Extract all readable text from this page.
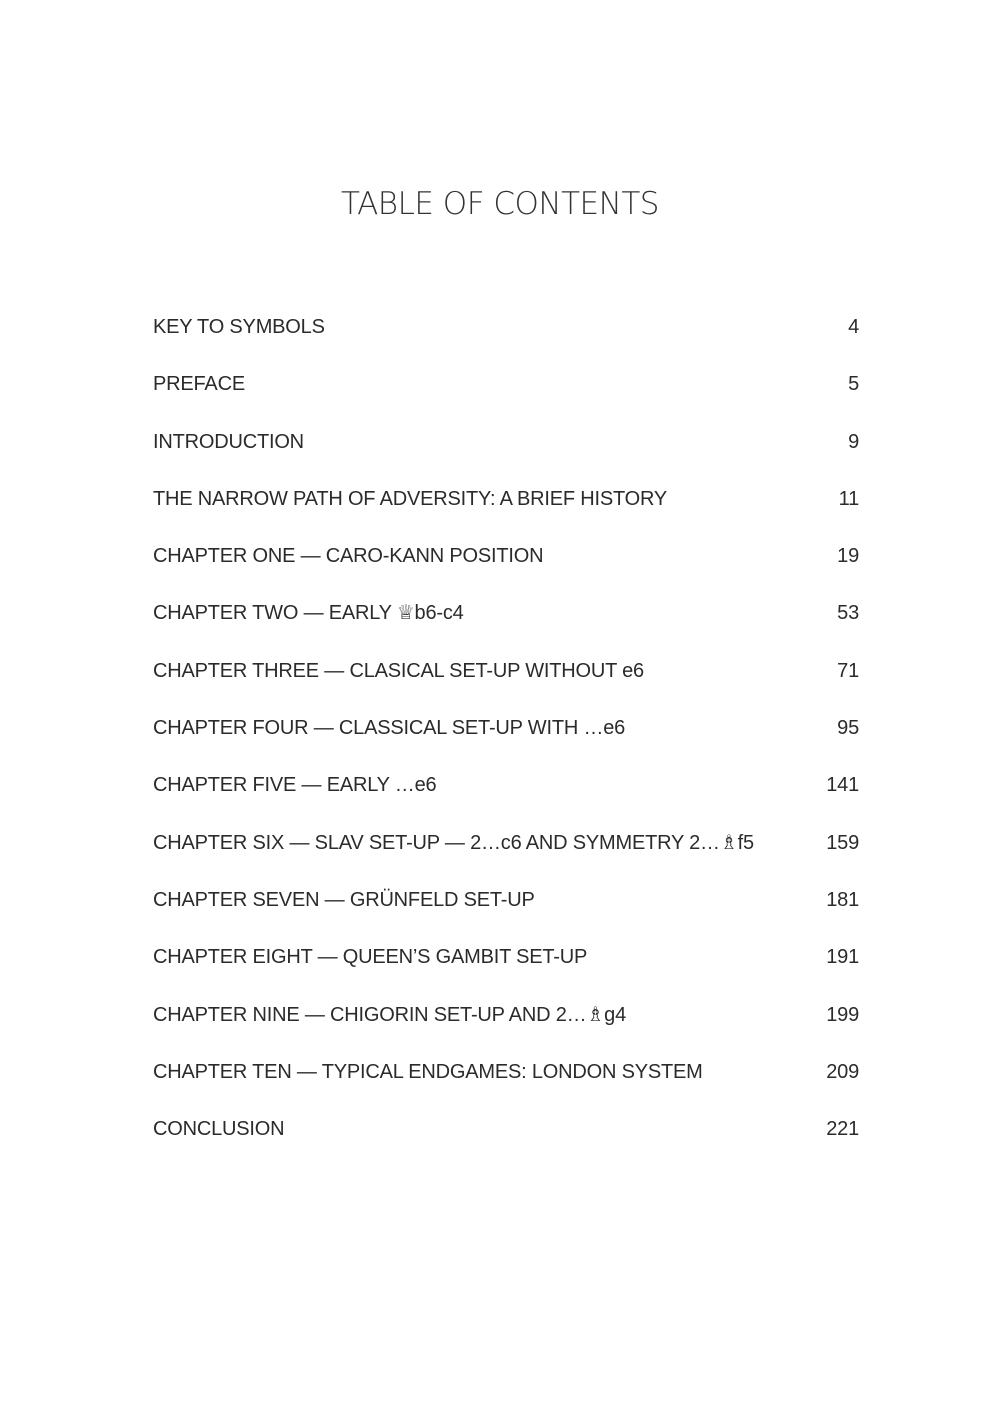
TABLE OF CONTENTS
KEY TO SYMBOLS	4
PREFACE	5
INTRODUCTION	9
THE NARROW PATH OF ADVERSITY: A BRIEF HISTORY	11
CHAPTER ONE — CARO-KANN POSITION	19
CHAPTER TWO — EARLY ♕b6-c4	53
CHAPTER THREE — CLASICAL SET-UP WITHOUT e6	71
CHAPTER FOUR — CLASSICAL SET-UP WITH …e6	95
CHAPTER FIVE — EARLY …e6	141
CHAPTER SIX — SLAV SET-UP — 2…c6 AND SYMMETRY 2…♗f5	159
CHAPTER SEVEN — GRÜNFELD SET-UP	181
CHAPTER EIGHT — QUEEN’S GAMBIT SET-UP	191
CHAPTER NINE — CHIGORIN SET-UP AND 2…♗g4	199
CHAPTER TEN — TYPICAL ENDGAMES: LONDON SYSTEM	209
CONCLUSION	221
